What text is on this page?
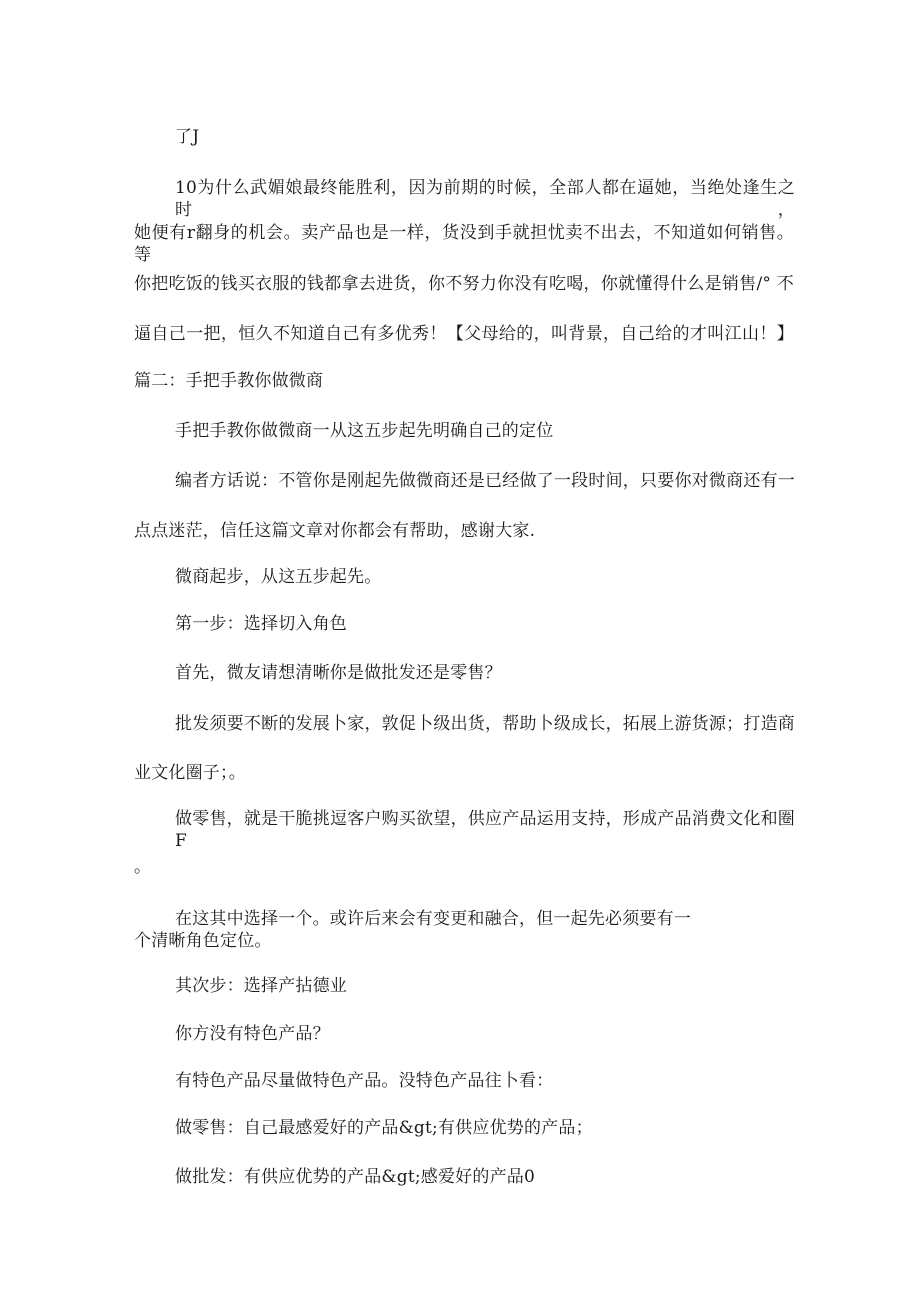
了J
10为什么武媚娘最终能胜利，因为前期的时候，全部人都在逼她，当绝处逢生之时，
她便有r翻身的机会。卖产品也是一样，货没到手就担忧卖不出去，不知道如何销售。等
你把吃饭的钱买衣服的钱都拿去进货，你不努力你没有吃喝，你就懂得什么是销售/° 不
逼自己一把，恒久不知道自己有多优秀！【父母给的，叫背景，自己给的才叫江山！】
篇二：手把手教你做微商
手把手教你做微商一从这五步起先明确自己的定位
编者方话说：不管你是刚起先做微商还是已经做了一段时间，只要你对微商还有一
点点迷茫，信任这篇文章对你都会有帮助，感谢大家.
微商起步，从这五步起先。
第一步：选择切入角色
首先，微友请想清晰你是做批发还是零售？
批发须要不断的发展卜家，敦促卜级出货，帮助卜级成长，拓展上游货源；打造商
业文化圈子；。
做零售，就是干脆挑逗客户购买欲望，供应产品运用支持，形成产品消费文化和圈F
。
在这其中选择一个。或许后来会有变更和融合，但一起先必须要有一
个清晰角色定位。
其次步：选择产拈德业
你方没有特色产品？
有特色产品尽量做特色产品。没特色产品往卜看：
做零售：自己最感爱好的产品&gt;有供应优势的产品；
做批发：有供应优势的产品&gt;感爱好的产品0
